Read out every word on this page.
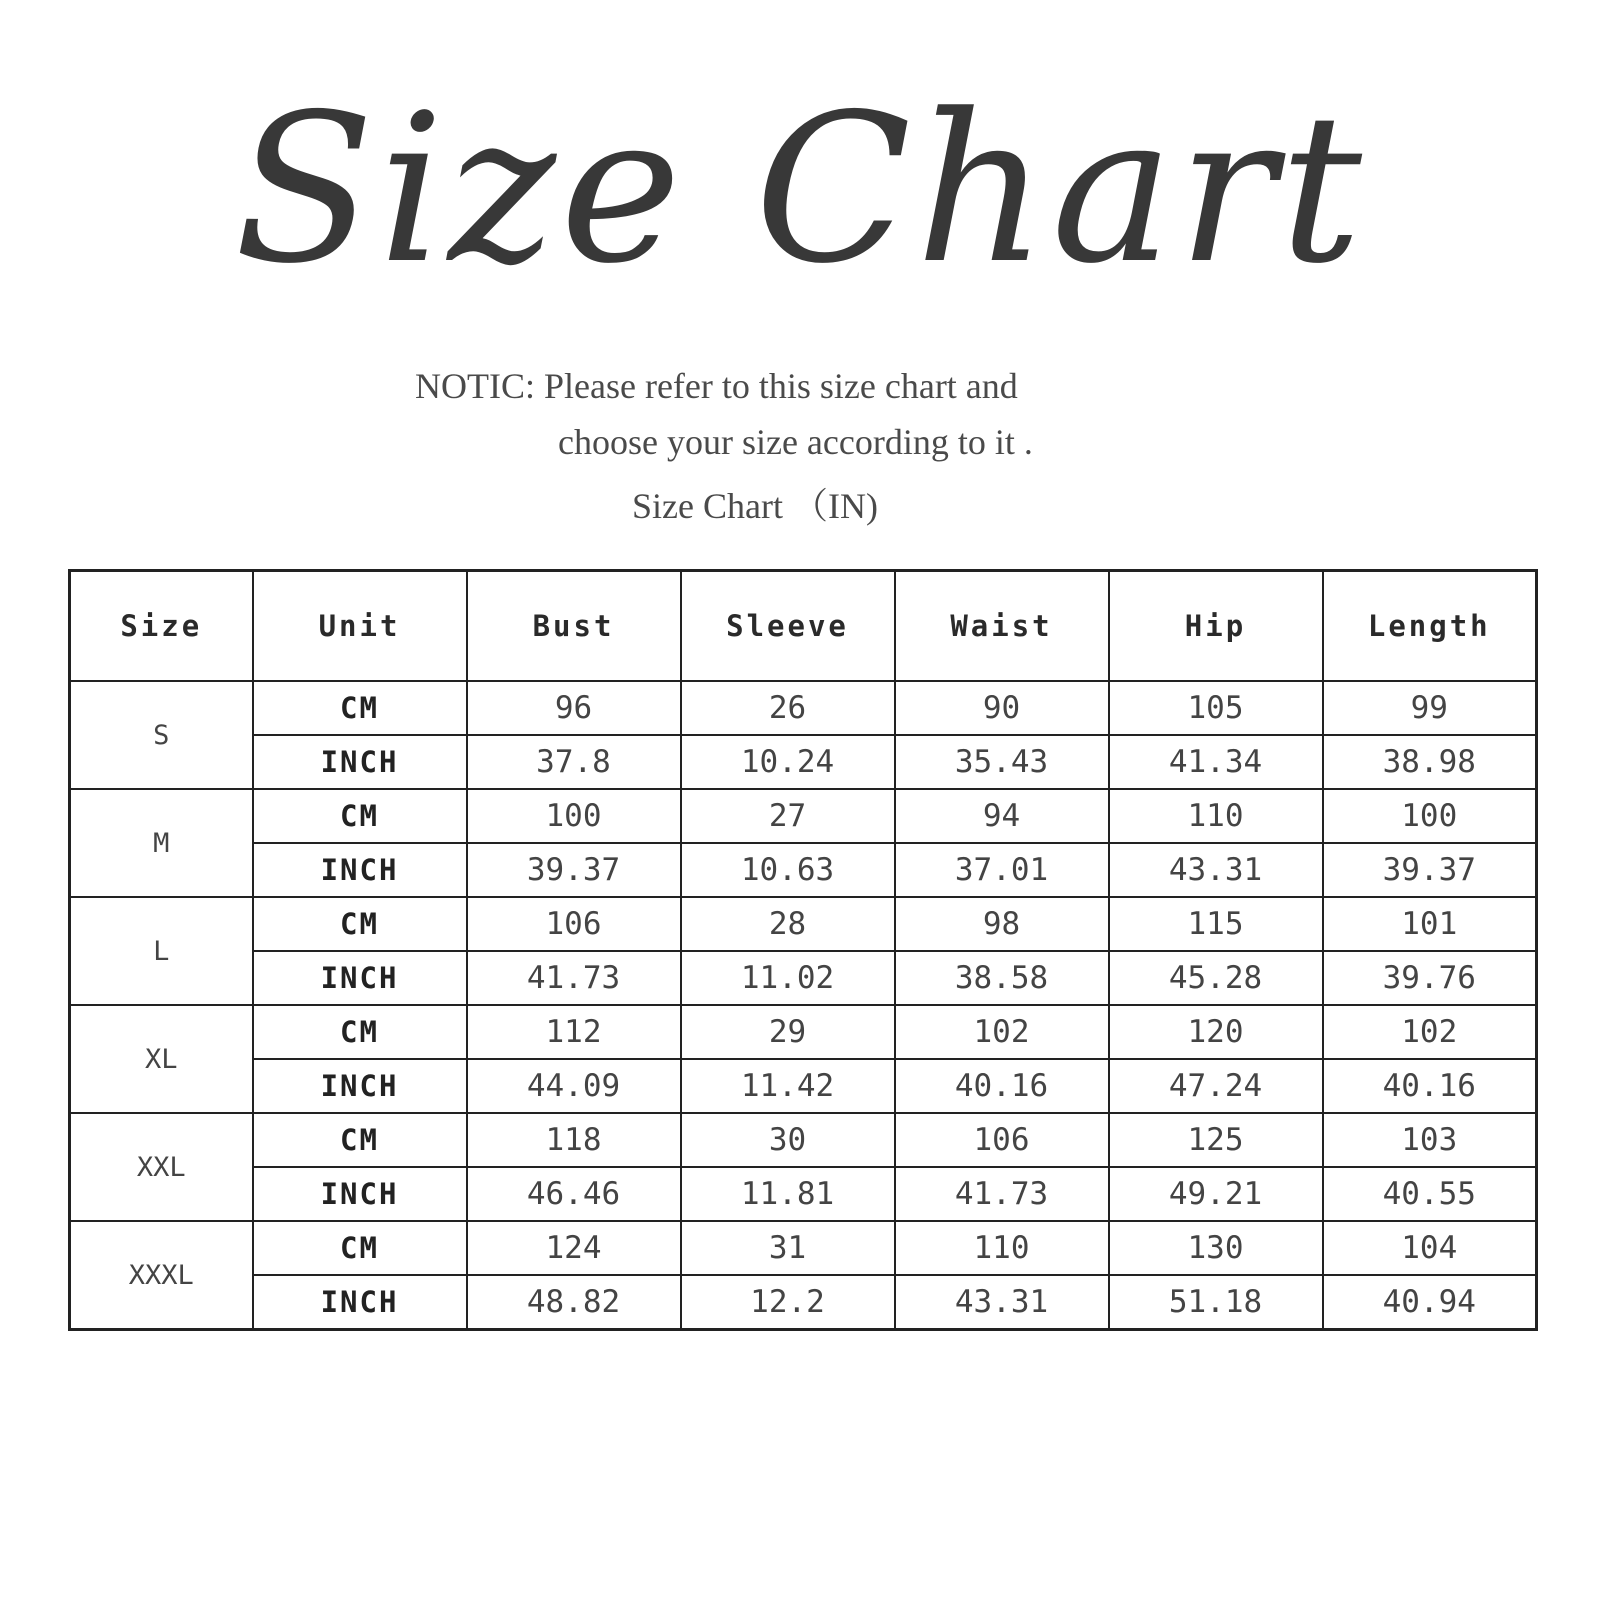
Size Chart
NOTIC: Please refer to this size chart and
choose your size according to it .
Size Chart （IN)
Size	Unit	Bust	Sleeve	Waist	Hip	Length
S	CM	96	26	90	105	99
	INCH	37.8	10.24	35.43	41.34	38.98
M	CM	100	27	94	110	100
	INCH	39.37	10.63	37.01	43.31	39.37
L	CM	106	28	98	115	101
	INCH	41.73	11.02	38.58	45.28	39.76
XL	CM	112	29	102	120	102
	INCH	44.09	11.42	40.16	47.24	40.16
XXL	CM	118	30	106	125	103
	INCH	46.46	11.81	41.73	49.21	40.55
XXXL	CM	124	31	110	130	104
	INCH	48.82	12.2	43.31	51.18	40.94
